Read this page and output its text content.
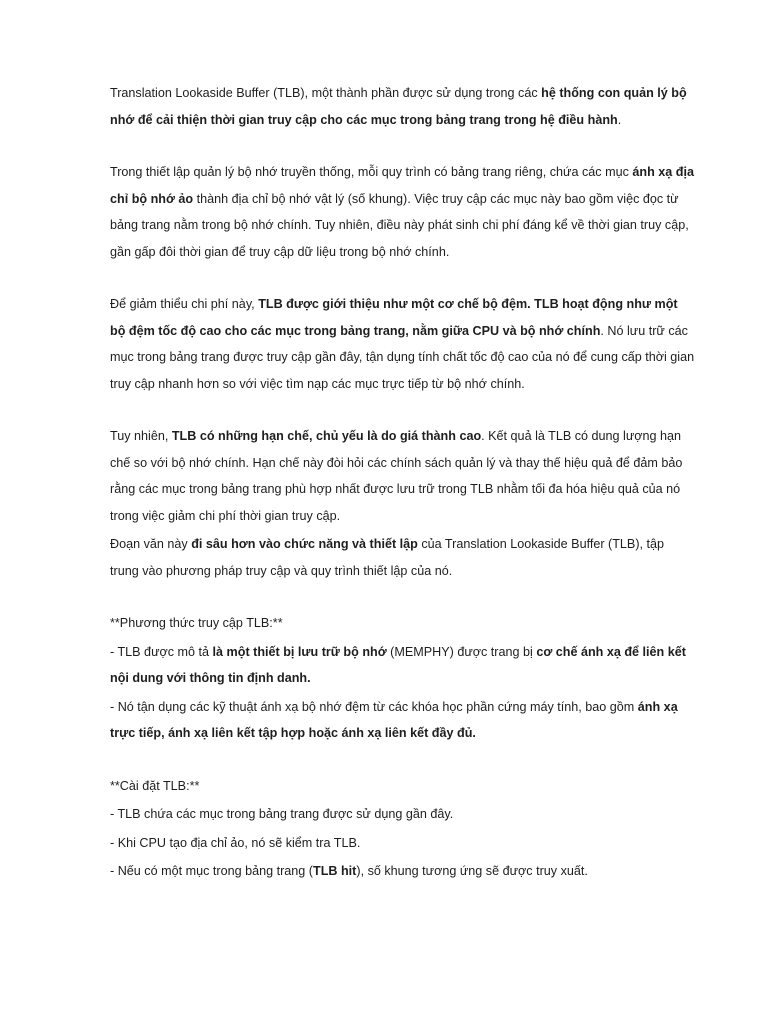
Translation Lookaside Buffer (TLB), một thành phần được sử dụng trong các hệ thống con quản lý bộ nhớ để cải thiện thời gian truy cập cho các mục trong bảng trang trong hệ điều hành.

Trong thiết lập quản lý bộ nhớ truyền thống, mỗi quy trình có bảng trang riêng, chứa các mục ánh xạ địa chỉ bộ nhớ ảo thành địa chỉ bộ nhớ vật lý (số khung). Việc truy cập các mục này bao gồm việc đọc từ bảng trang nằm trong bộ nhớ chính. Tuy nhiên, điều này phát sinh chi phí đáng kể về thời gian truy cập, gần gấp đôi thời gian để truy cập dữ liệu trong bộ nhớ chính.

Để giảm thiểu chi phí này, TLB được giới thiệu như một cơ chế bộ đệm. TLB hoạt động như một bộ đệm tốc độ cao cho các mục trong bảng trang, nằm giữa CPU và bộ nhớ chính. Nó lưu trữ các mục trong bảng trang được truy cập gần đây, tận dụng tính chất tốc độ cao của nó để cung cấp thời gian truy cập nhanh hơn so với việc tìm nạp các mục trực tiếp từ bộ nhớ chính.

Tuy nhiên, TLB có những hạn chế, chủ yếu là do giá thành cao. Kết quả là TLB có dung lượng hạn chế so với bộ nhớ chính. Hạn chế này đòi hỏi các chính sách quản lý và thay thế hiệu quả để đảm bảo rằng các mục trong bảng trang phù hợp nhất được lưu trữ trong TLB nhằm tối đa hóa hiệu quả của nó trong việc giảm chi phí thời gian truy cập.

Đoạn văn này đi sâu hơn vào chức năng và thiết lập của Translation Lookaside Buffer (TLB), tập trung vào phương pháp truy cập và quy trình thiết lập của nó.

**Phương thức truy cập TLB:**

- TLB được mô tả là một thiết bị lưu trữ bộ nhớ (MEMPHY) được trang bị cơ chế ánh xạ để liên kết nội dung với thông tin định danh.

- Nó tận dụng các kỹ thuật ánh xạ bộ nhớ đệm từ các khóa học phần cứng máy tính, bao gồm ánh xạ trực tiếp, ánh xạ liên kết tập hợp hoặc ánh xạ liên kết đầy đủ.

**Cài đặt TLB:**

- TLB chứa các mục trong bảng trang được sử dụng gần đây.

- Khi CPU tạo địa chỉ ảo, nó sẽ kiểm tra TLB.

- Nếu có một mục trong bảng trang (TLB hit), số khung tương ứng sẽ được truy xuất.
